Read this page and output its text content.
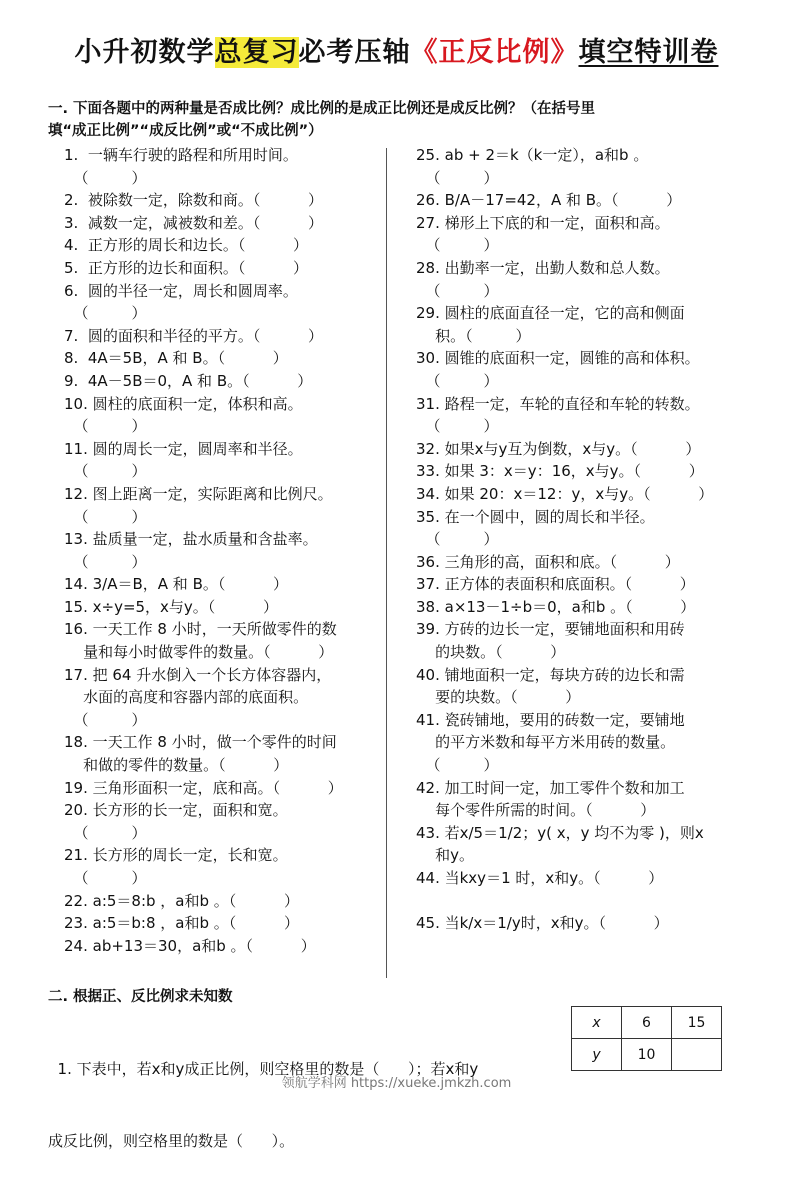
小升初数学总复习必考压轴《正反比例》填空特训卷
一. 下面各题中的两种量是否成比例？成比例的是成正比例还是成反比例？（在括号里
填“成正比例”“成反比例”或“不成比例”）
1.  一辆车行驶的路程和所用时间。
（         ）
2.  被除数一定，除数和商。（          ）
3.  减数一定，减被数和差。（          ）
4.  正方形的周长和边长。（          ）
5.  正方形的边长和面积。（          ）
6.  圆的半径一定，周长和圆周率。
（         ）
7.  圆的面积和半径的平方。（          ）
8.  4A＝5B，A 和 B。（          ）
9.  4A－5B＝0，A 和 B。（          ）
10. 圆柱的底面积一定，体积和高。
（         ）
11. 圆的周长一定，圆周率和半径。
（         ）
12. 图上距离一定，实际距离和比例尺。
（         ）
13. 盐质量一定，盐水质量和含盐率。
（         ）
14. 3/A＝B，A 和 B。（          ）
15. x÷y=5，x与y。（          ）
16. 一天工作 8 小时，一天所做零件的数
量和每小时做零件的数量。（          ）
17. 把 64 升水倒入一个长方体容器内，
水面的高度和容器内部的底面积。
（         ）
18. 一天工作 8 小时，做一个零件的时间
和做的零件的数量。（          ）
19. 三角形面积一定，底和高。（          ）
20. 长方形的长一定，面积和宽。
（         ）
21. 长方形的周长一定，长和宽。
（         ）
22. a:5＝8:b ，a和b 。（          ）
23. a:5＝b:8 ，a和b 。（          ）
24. ab+13＝30，a和b 。（          ）
25. ab + 2＝k（k一定），a和b 。
（         ）
26. B/A－17=42，A 和 B。（          ）
27. 梯形上下底的和一定，面积和高。
（         ）
28. 出勤率一定，出勤人数和总人数。
（         ）
29. 圆柱的底面直径一定，它的高和侧面
积。（         ）
30. 圆锥的底面积一定，圆锥的高和体积。
（         ）
31. 路程一定，车轮的直径和车轮的转数。
（         ）
32. 如果x与y互为倒数，x与y。（          ）
33. 如果 3：x＝y：16，x与y。（          ）
34. 如果 20：x＝12：y，x与y。（          ）
35. 在一个圆中，圆的周长和半径。
（         ）
36. 三角形的高，面积和底。（          ）
37. 正方体的表面积和底面积。（          ）
38. a×13－1÷b＝0，a和b 。（          ）
39. 方砖的边长一定，要铺地面积和用砖
的块数。（          ）
40. 铺地面积一定，每块方砖的边长和需
要的块数。（          ）
41. 瓷砖铺地，要用的砖数一定，要铺地
的平方米数和每平方米用砖的数量。
（         ）
42. 加工时间一定，加工零件个数和加工
每个零件所需的时间。（          ）
43. 若x/5＝1/2；y( x，y 均不为零 )，则x
和y。
44. 当kxy＝1 时，x和y。（          ）
45. 当k/x＝1/y时，x和y。（          ）
二. 根据正、反比例求未知数

1. 下表中，若x和y成正比例，则空格里的数是（      ）；若x和y

成反比例，则空格里的数是（      ）。

x	6	15
y	10	
领航学科网 https://xueke.jmkzh.com
